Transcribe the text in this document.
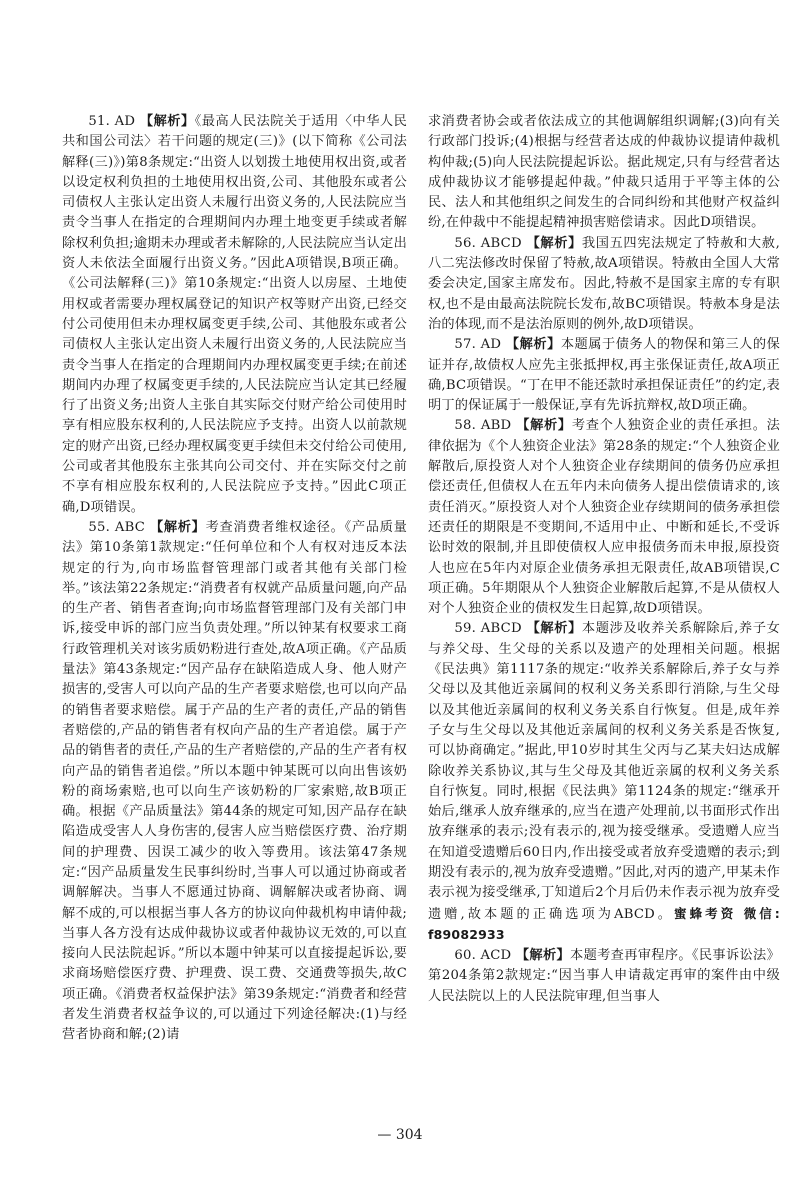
51. AD 【解析】《最高人民法院关于适用〈中华人民共和国公司法〉若干问题的规定(三)》(以下简称《公司法解释(三)》)第8条规定:“出资人以划拨土地使用权出资,或者以设定权利负担的土地使用权出资,公司、其他股东或者公司债权人主张认定出资人未履行出资义务的,人民法院应当责令当事人在指定的合理期间内办理土地变更手续或者解除权利负担;逾期未办理或者未解除的,人民法院应当认定出资人未依法全面履行出资义务。”因此A项错误,B项正确。《公司法解释(三)》第10条规定:“出资人以房屋、土地使用权或者需要办理权属登记的知识产权等财产出资,已经交付公司使用但未办理权属变更手续,公司、其他股东或者公司债权人主张认定出资人未履行出资义务的,人民法院应当责令当事人在指定的合理期间内办理权属变更手续;在前述期间内办理了权属变更手续的,人民法院应当认定其已经履行了出资义务;出资人主张自其实际交付财产给公司使用时享有相应股东权利的,人民法院应予支持。出资人以前款规定的财产出资,已经办理权属变更手续但未交付给公司使用,公司或者其他股东主张其向公司交付、并在实际交付之前不享有相应股东权利的,人民法院应予支持。”因此C项正确,D项错误。

55. ABC 【解析】考查消费者维权途径。《产品质量法》第10条第1款规定:“任何单位和个人有权对违反本法规定的行为,向市场监督管理部门或者其他有关部门检举。”该法第22条规定:“消费者有权就产品质量问题,向产品的生产者、销售者查询;向市场监督管理部门及有关部门申诉,接受申诉的部门应当负责处理。”所以钟某有权要求工商行政管理机关对该劣质奶粉进行查处,故A项正确。《产品质量法》第43条规定:“因产品存在缺陷造成人身、他人财产损害的,受害人可以向产品的生产者要求赔偿,也可以向产品的销售者要求赔偿。属于产品的生产者的责任,产品的销售者赔偿的,产品的销售者有权向产品的生产者追偿。属于产品的销售者的责任,产品的生产者赔偿的,产品的生产者有权向产品的销售者追偿。”所以本题中钟某既可以向出售该奶粉的商场索赔,也可以向生产该奶粉的厂家索赔,故B项正确。根据《产品质量法》第44条的规定可知,因产品存在缺陷造成受害人人身伤害的,侵害人应当赔偿医疗费、治疗期间的护理费、因误工减少的收入等费用。该法第47条规定:“因产品质量发生民事纠纷时,当事人可以通过协商或者调解解决。当事人不愿通过协商、调解解决或者协商、调解不成的,可以根据当事人各方的协议向仲裁机构申请仲裁;当事人各方没有达成仲裁协议或者仲裁协议无效的,可以直接向人民法院起诉。”所以本题中钟某可以直接提起诉讼,要求商场赔偿医疗费、护理费、误工费、交通费等损失,故C项正确。《消费者权益保护法》第39条规定:“消费者和经营者发生消费者权益争议的,可以通过下列途径解决:(1)与经营者协商和解;(2)请

求消费者协会或者依法成立的其他调解组织调解;(3)向有关行政部门投诉;(4)根据与经营者达成的仲裁协议提请仲裁机构仲裁;(5)向人民法院提起诉讼。据此规定,只有与经营者达成仲裁协议才能够提起仲裁。”仲裁只适用于平等主体的公民、法人和其他组织之间发生的合同纠纷和其他财产权益纠纷,在仲裁中不能提起精神损害赔偿请求。因此D项错误。

56. ABCD 【解析】我国五四宪法规定了特赦和大赦,八二宪法修改时保留了特赦,故A项错误。特赦由全国人大常委会决定,国家主席发布。因此,特赦不是国家主席的专有职权,也不是由最高法院院长发布,故BC项错误。特赦本身是法治的体现,而不是法治原则的例外,故D项错误。

57. AD 【解析】本题属于债务人的物保和第三人的保证并存,故债权人应先主张抵押权,再主张保证责任,故A项正确,BC项错误。“丁在甲不能还款时承担保证责任”的约定,表明丁的保证属于一般保证,享有先诉抗辩权,故D项正确。

58. ABD 【解析】考查个人独资企业的责任承担。法律依据为《个人独资企业法》第28条的规定:“个人独资企业解散后,原投资人对个人独资企业存续期间的债务仍应承担偿还责任,但债权人在五年内未向债务人提出偿债请求的,该责任消灭。”原投资人对个人独资企业存续期间的债务承担偿还责任的期限是不变期间,不适用中止、中断和延长,不受诉讼时效的限制,并且即使债权人应申报债务而未申报,原投资人也应在5年内对原企业债务承担无限责任,故AB项错误,C项正确。5年期限从个人独资企业解散后起算,不是从债权人对个人独资企业的债权发生日起算,故D项错误。

59. ABCD 【解析】本题涉及收养关系解除后,养子女与养父母、生父母的关系以及遗产的处理相关问题。根据《民法典》第1117条的规定:“收养关系解除后,养子女与养父母以及其他近亲属间的权利义务关系即行消除,与生父母以及其他近亲属间的权利义务关系自行恢复。但是,成年养子女与生父母以及其他近亲属间的权利义务关系是否恢复,可以协商确定。”据此,甲10岁时其生父丙与乙某夫妇达成解除收养关系协议,其与生父母及其他近亲属的权利义务关系自行恢复。同时,根据《民法典》第1124条的规定:“继承开始后,继承人放弃继承的,应当在遗产处理前,以书面形式作出放弃继承的表示;没有表示的,视为接受继承。受遗赠人应当在知道受遗赠后60日内,作出接受或者放弃受遗赠的表示;到期没有表示的,视为放弃受遗赠。”因此,对丙的遗产,甲某未作表示视为接受继承,丁知道后2个月后仍未作表示视为放弃受遗赠,故本题的正确选项为ABCD。蜜蜂考资 微信: f89082933

60. ACD 【解析】本题考查再审程序。《民事诉讼法》第204条第2款规定:“因当事人申请裁定再审的案件由中级人民法院以上的人民法院审理,但当事人

— 304
